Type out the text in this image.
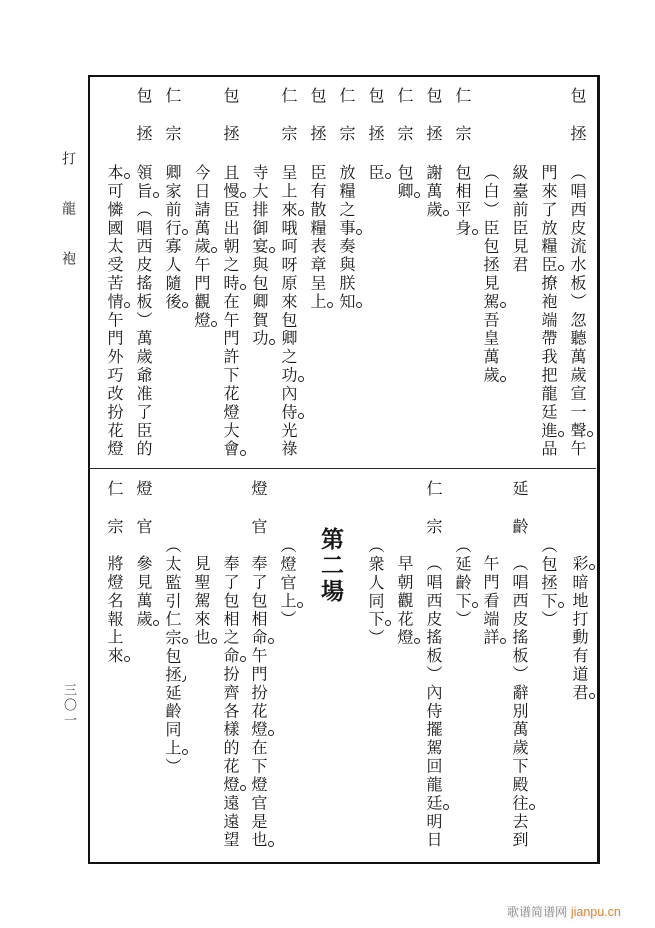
打龍袍
三〇一
包拯
（唱西皮流水板）忽聽萬歲宣一聲午
門來了放糧臣撩袍端帶我把龍廷進品
級臺前臣見君
（白）臣包拯見駕吾皇萬歲
仁宗
包相平身
包拯
謝萬歲
仁宗
包卿
包拯
臣
仁宗
放糧之事奏與朕知
包拯
臣有散糧表章呈上
仁宗
呈上來哦呵呀原來包卿之功內侍光祿
寺大排御宴與包卿賀功
包拯
且慢臣出朝之時在午門許下花燈大會
今日請萬歲午門觀燈
仁宗
卿家前行寡人隨後
包拯
領旨（唱西皮搖板）萬歲爺准了臣的
本可憐國太受苦情午門外巧改扮花燈
彩暗地打動有道君
（包拯下）
延齡
（唱西皮搖板）辭別萬歲下殿往去到
午門看端詳
（延齡下）
仁宗
（唱西皮搖板）內侍擺駕回龍廷明日
早朝觀花燈
（衆人同下）
第二場
（燈官上）
燈官
奉了包相命午門扮花燈在下燈官是也
奉了包相之命扮齊各樣的花燈遠遠望
見聖駕來也
（太監引仁宗包拯延齡同上）
燈官
參見萬歲
仁宗
將燈名報上來
歌谱简谱网 jianpu.cn
